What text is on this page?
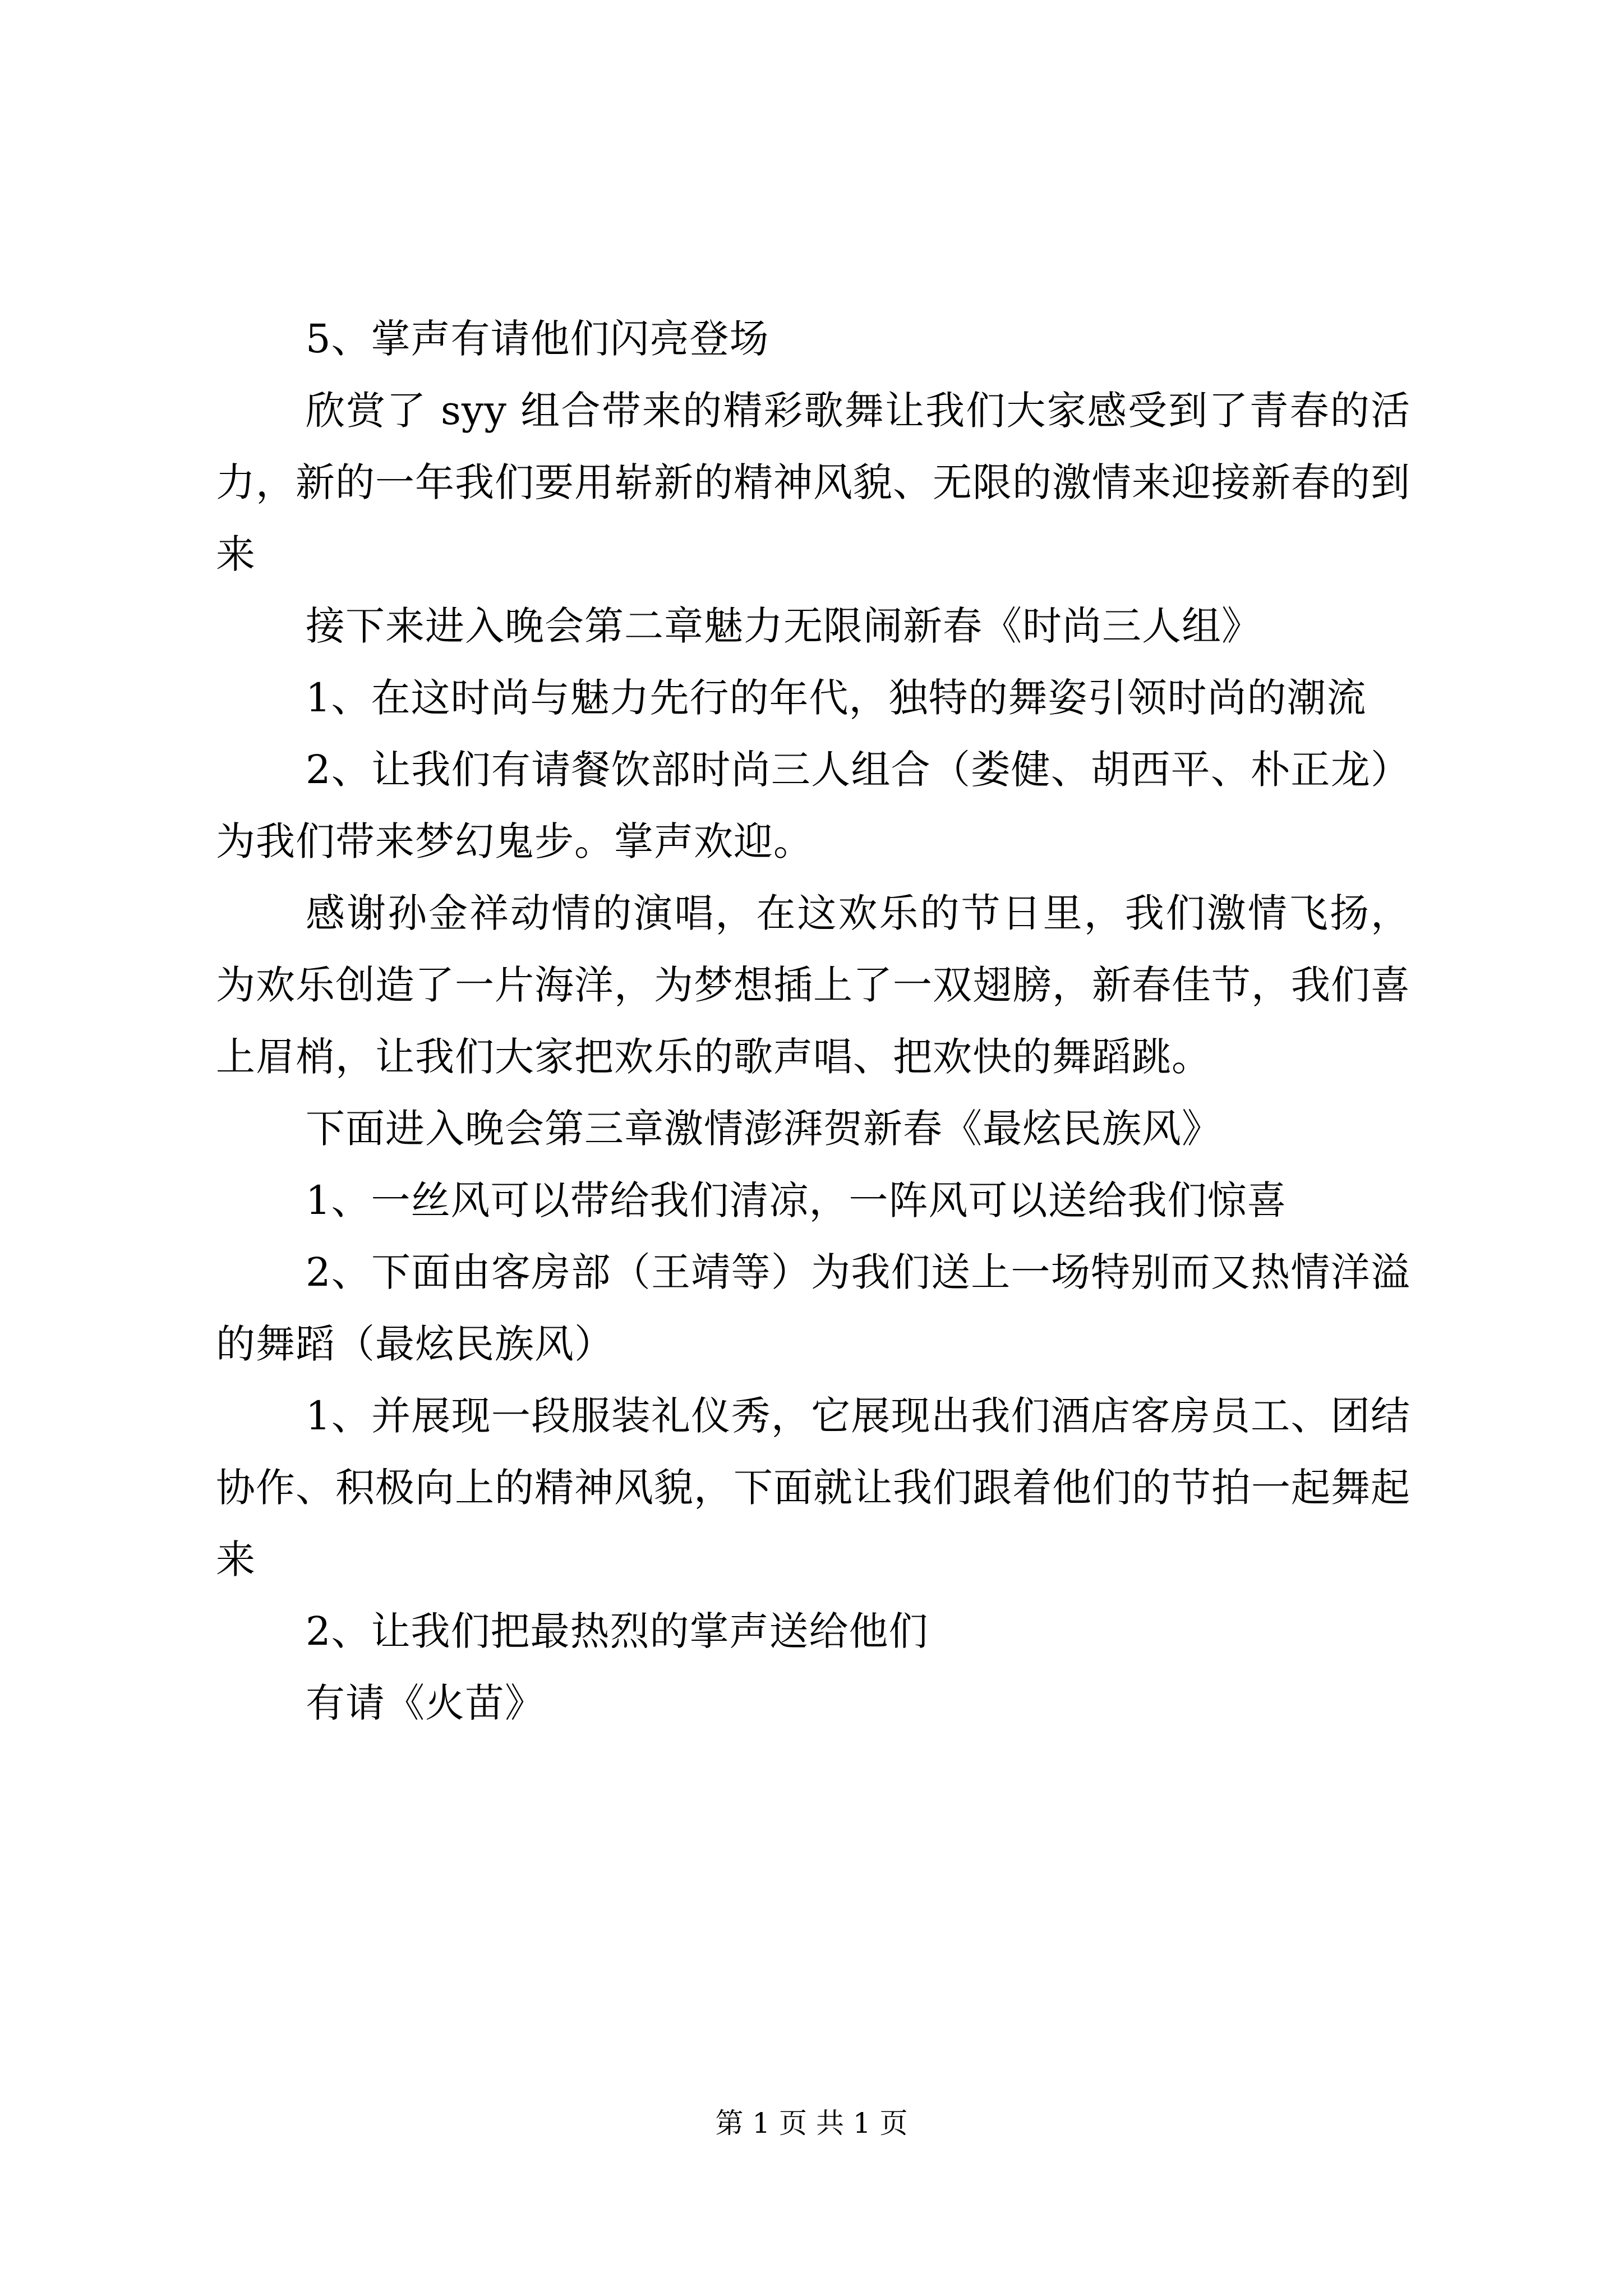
5、掌声有请他们闪亮登场

欣赏了 syy 组合带来的精彩歌舞让我们大家感受到了青春的活力，新的一年我们要用崭新的精神风貌、无限的激情来迎接新春的到来

接下来进入晚会第二章魅力无限闹新春《时尚三人组》

1、在这时尚与魅力先行的年代，独特的舞姿引领时尚的潮流

2、让我们有请餐饮部时尚三人组合（娄健、胡西平、朴正龙）为我们带来梦幻鬼步。掌声欢迎。

感谢孙金祥动情的演唱，在这欢乐的节日里，我们激情飞扬，为欢乐创造了一片海洋，为梦想插上了一双翅膀，新春佳节，我们喜上眉梢，让我们大家把欢乐的歌声唱、把欢快的舞蹈跳。

下面进入晚会第三章激情澎湃贺新春《最炫民族风》

1、一丝风可以带给我们清凉，一阵风可以送给我们惊喜

2、下面由客房部（王靖等）为我们送上一场特别而又热情洋溢的舞蹈（最炫民族风）

1、并展现一段服装礼仪秀，它展现出我们酒店客房员工、团结协作、积极向上的精神风貌，下面就让我们跟着他们的节拍一起舞起来

2、让我们把最热烈的掌声送给他们

有请《火苗》

第 1 页 共 1 页
